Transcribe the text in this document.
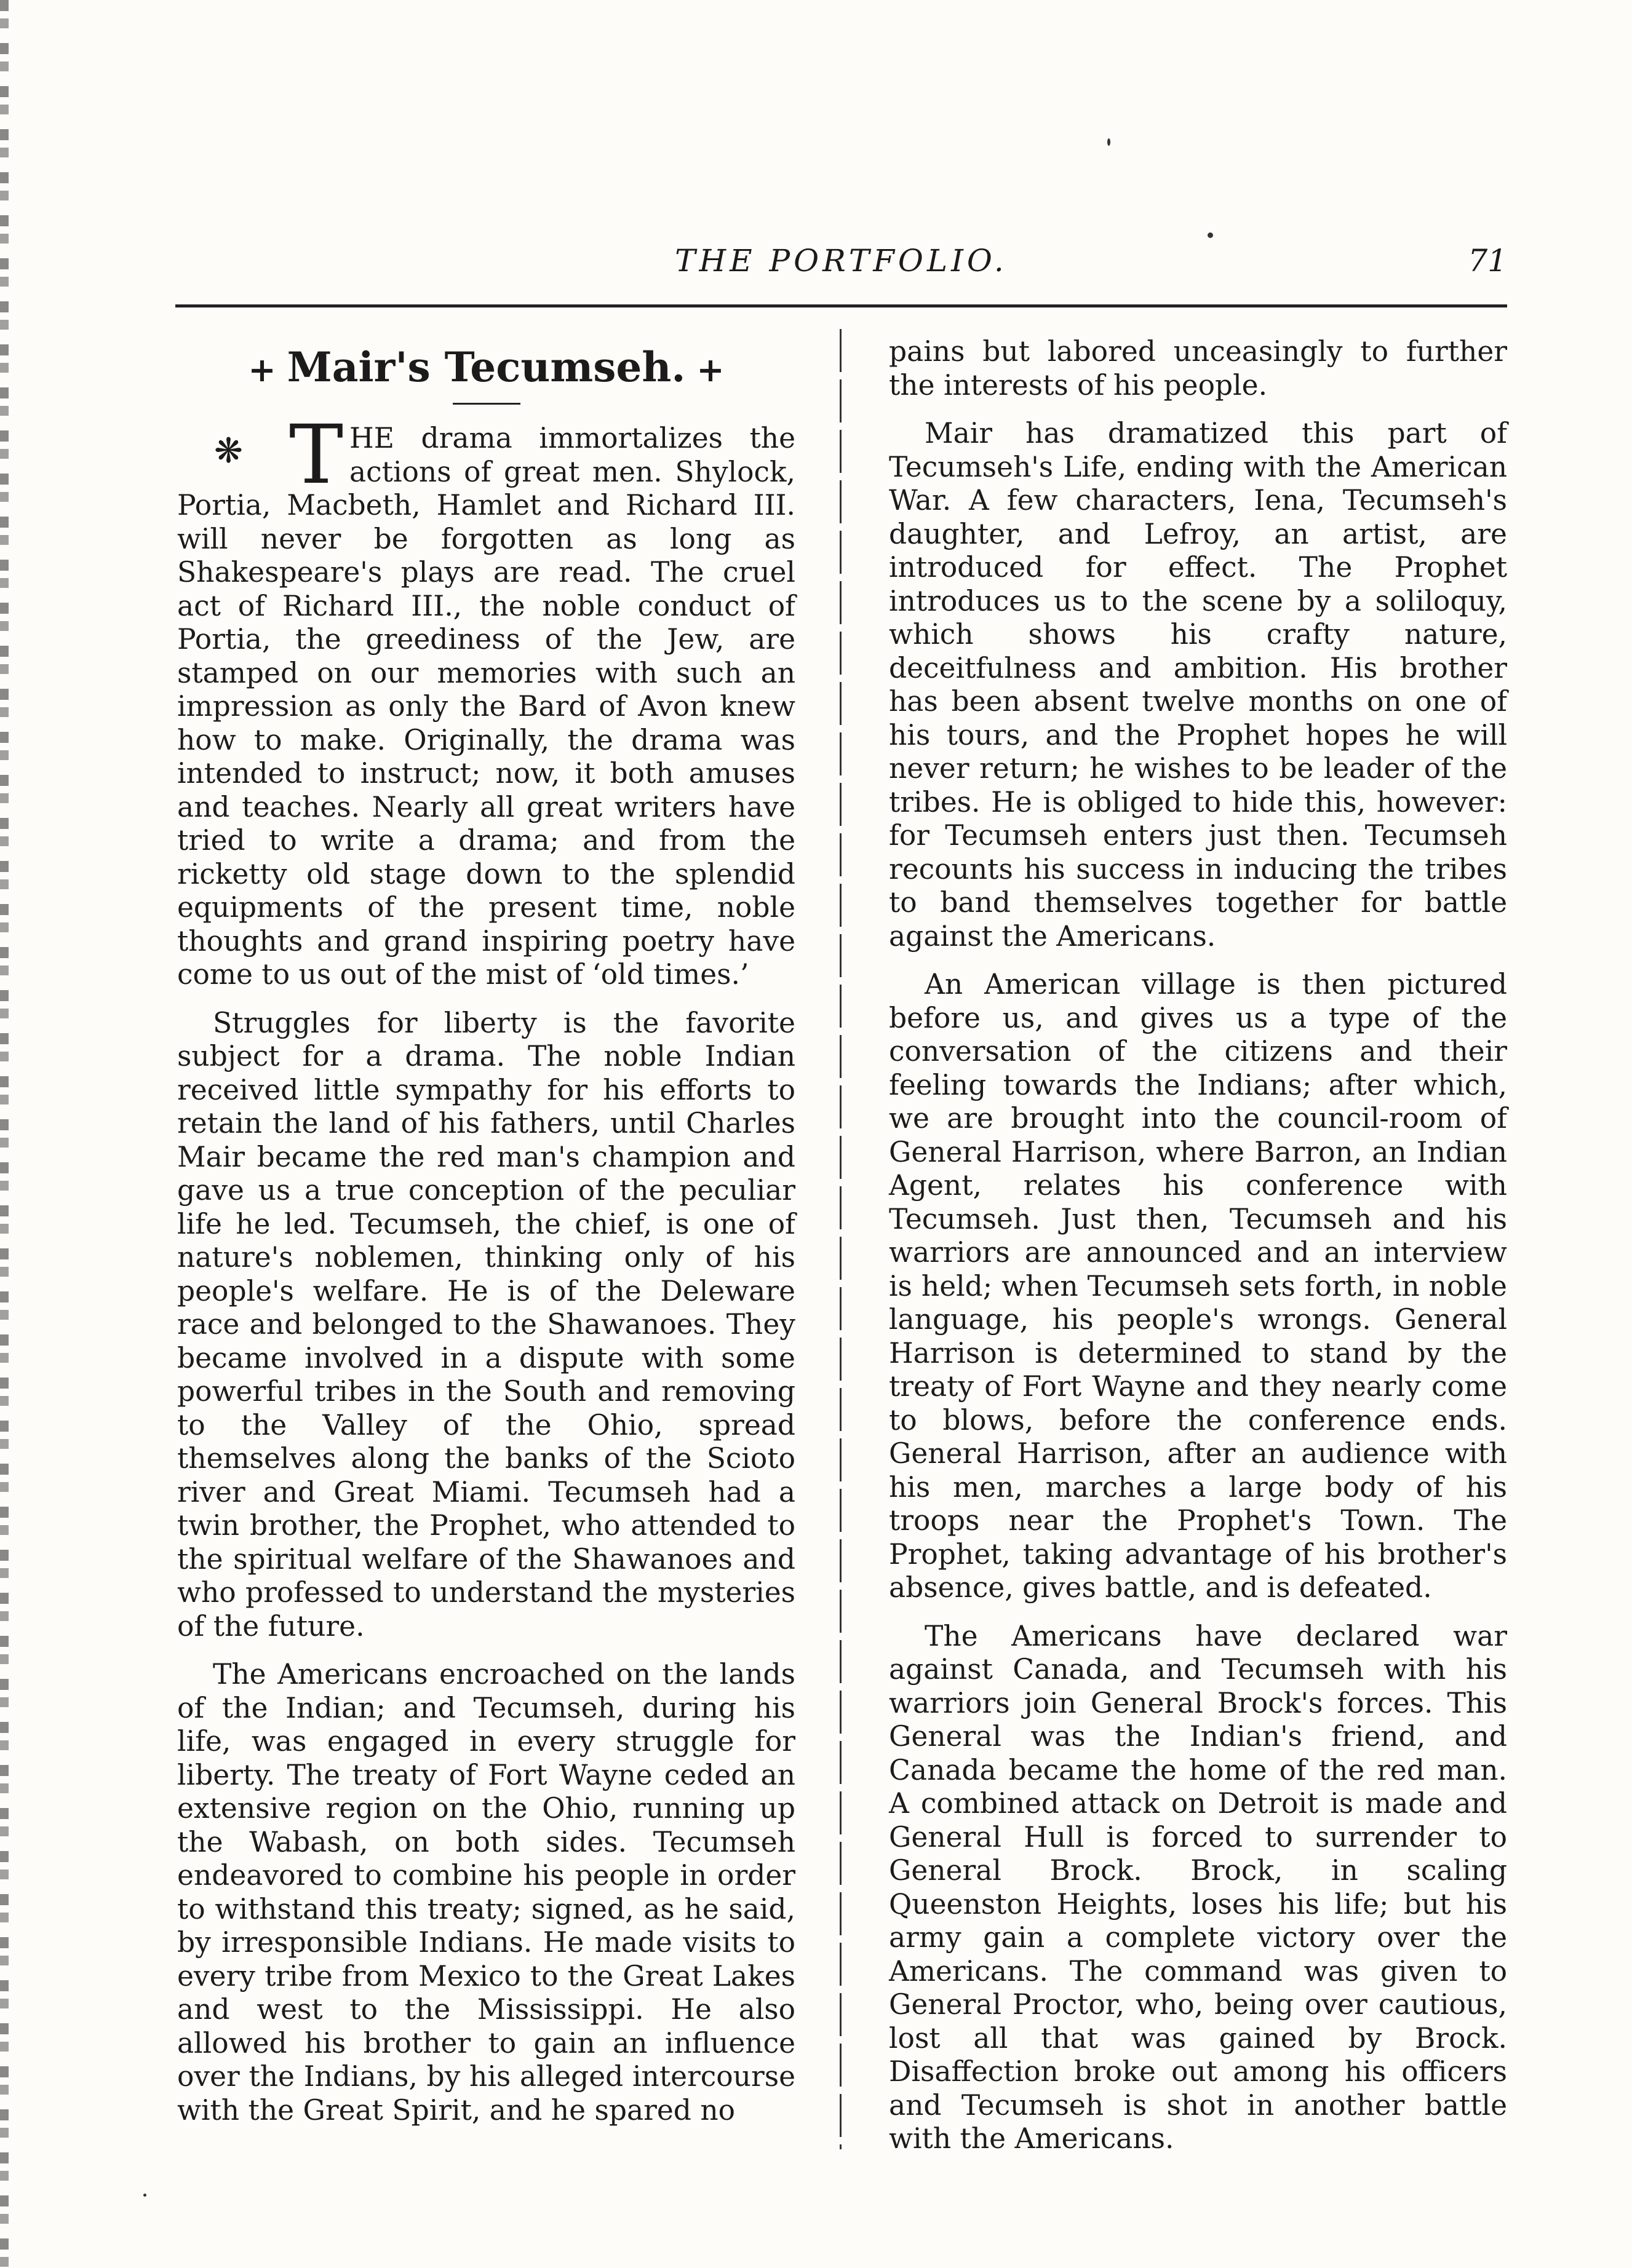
THE PORTFOLIO.	71
+ Mair's Tecumseh. +
❋ THE drama immortalizes the actions of great men. Shylock, Portia, Macbeth, Hamlet and Richard III. will never be forgotten as long as Shakespeare's plays are read. The cruel act of Richard III., the noble conduct of Portia, the greediness of the Jew, are stamped on our memories with such an impression as only the Bard of Avon knew how to make. Originally, the drama was intended to instruct; now, it both amuses and teaches. Nearly all great writers have tried to write a drama; and from the ricketty old stage down to the splendid equipments of the present time, noble thoughts and grand inspiring poetry have come to us out of the mist of ‘old times.’

Struggles for liberty is the favorite subject for a drama. The noble Indian received little sympathy for his efforts to retain the land of his fathers, until Charles Mair became the red man's champion and gave us a true conception of the peculiar life he led. Tecumseh, the chief, is one of nature's noblemen, thinking only of his people's welfare. He is of the Deleware race and belonged to the Shawanoes. They became involved in a dispute with some powerful tribes in the South and removing to the Valley of the Ohio, spread themselves along the banks of the Scioto river and Great Miami. Tecumseh had a twin brother, the Prophet, who attended to the spiritual welfare of the Shawanoes and who professed to understand the mysteries of the future.

The Americans encroached on the lands of the Indian; and Tecumseh, during his life, was engaged in every struggle for liberty. The treaty of Fort Wayne ceded an extensive region on the Ohio, running up the Wabash, on both sides. Tecumseh endeavored to combine his people in order to withstand this treaty; signed, as he said, by irresponsible Indians. He made visits to every tribe from Mexico to the Great Lakes and west to the Mississippi. He also allowed his brother to gain an influence over the Indians, by his alleged intercourse with the Great Spirit, and he spared no

pains but labored unceasingly to further the interests of his people.

Mair has dramatized this part of Tecumseh's Life, ending with the American War. A few characters, Iena, Tecumseh's daughter, and Lefroy, an artist, are introduced for effect. The Prophet introduces us to the scene by a soliloquy, which shows his crafty nature, deceitfulness and ambition. His brother has been absent twelve months on one of his tours, and the Prophet hopes he will never return; he wishes to be leader of the tribes. He is obliged to hide this, however: for Tecumseh enters just then. Tecumseh recounts his success in inducing the tribes to band themselves together for battle against the Americans.

An American village is then pictured before us, and gives us a type of the conversation of the citizens and their feeling towards the Indians; after which, we are brought into the council-room of General Harrison, where Barron, an Indian Agent, relates his conference with Tecumseh. Just then, Tecumseh and his warriors are announced and an interview is held; when Tecumseh sets forth, in noble language, his people's wrongs. General Harrison is determined to stand by the treaty of Fort Wayne and they nearly come to blows, before the conference ends. General Harrison, after an audience with his men, marches a large body of his troops near the Prophet's Town. The Prophet, taking advantage of his brother's absence, gives battle, and is defeated.

The Americans have declared war against Canada, and Tecumseh with his warriors join General Brock's forces. This General was the Indian's friend, and Canada became the home of the red man. A combined attack on Detroit is made and General Hull is forced to surrender to General Brock. Brock, in scaling Queenston Heights, loses his life; but his army gain a complete victory over the Americans. The command was given to General Proctor, who, being over cautious, lost all that was gained by Brock. Disaffection broke out among his officers and Tecumseh is shot in another battle with the Americans.
